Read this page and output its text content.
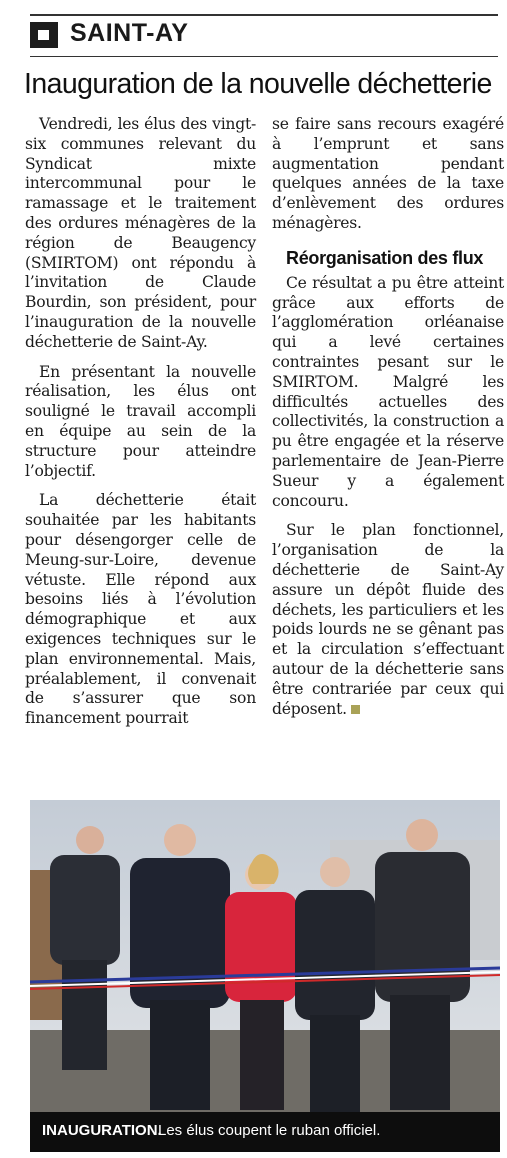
SAINT-AY
Inauguration de la nouvelle déchetterie

Vendredi, les élus des vingt-six communes relevant du Syndicat mixte intercommunal pour le ramassage et le traitement des ordures ménagères de la région de Beaugency (SMIRTOM) ont répondu à l’invitation de Claude Bourdin, son président, pour l’inauguration de la nouvelle déchetterie de Saint-Ay.

En présentant la nouvelle réalisation, les élus ont souligné le travail accompli en équipe au sein de la structure pour atteindre l’objectif.

La déchetterie était souhaitée par les habitants pour désengorger celle de Meung-sur-Loire, devenue vétuste. Elle répond aux besoins liés à l’évolution démographique et aux exigences techniques sur le plan environnemental. Mais, préalablement, il convenait de s’assurer que son financement pourrait

se faire sans recours exagéré à l’emprunt et sans augmentation pendant quelques années de la taxe d’enlèvement des ordures ménagères.

Réorganisation des flux

Ce résultat a pu être atteint grâce aux efforts de l’agglomération orléanaise qui a levé certaines contraintes pesant sur le SMIRTOM. Malgré les difficultés actuelles des collectivités, la construction a pu être engagée et la réserve parlementaire de Jean-Pierre Sueur y a également concouru.

Sur le plan fonctionnel, l’organisation de la déchetterie de Saint-Ay assure un dépôt fluide des déchets, les particuliers et les poids lourds ne se gênant pas et la circulation s’effectuant autour de la déchetterie sans être contrariée par ceux qui déposent.

INAUGURATION.
Les élus coupent le ruban officiel.
